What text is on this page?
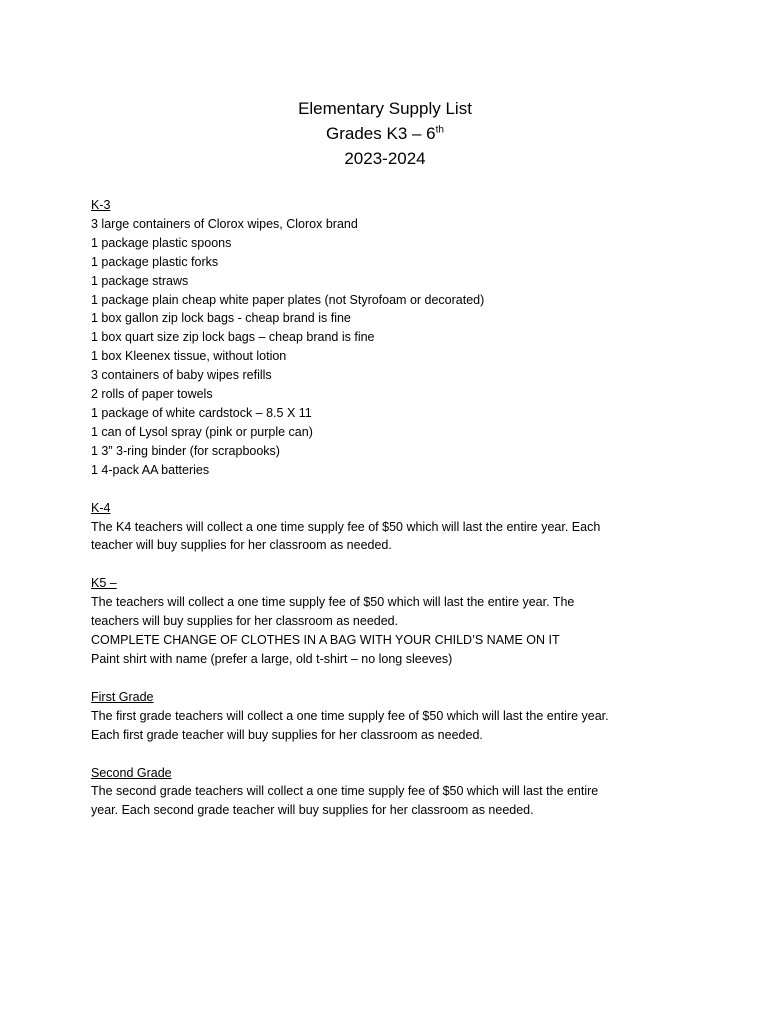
Elementary Supply List
Grades K3 – 6th
2023-2024
K-3
3 large containers of Clorox wipes, Clorox brand
1 package plastic spoons
1 package plastic forks
1 package straws
1 package plain cheap white paper plates (not Styrofoam or decorated)
1 box gallon zip lock bags - cheap brand is fine
1 box quart size zip lock bags – cheap brand is fine
1 box Kleenex tissue, without lotion
3 containers of baby wipes refills
2 rolls of paper towels
1 package of white cardstock – 8.5 X 11
1 can of Lysol spray (pink or purple can)
1 3” 3-ring binder (for scrapbooks)
1 4-pack AA batteries
K-4
The K4 teachers will collect a one time supply fee of $50 which will last the entire year. Each
teacher will buy supplies for her classroom as needed.
K5 –
The teachers will collect a one time supply fee of $50 which will last the entire year. The
teachers will buy supplies for her classroom as needed.
COMPLETE CHANGE OF CLOTHES IN A BAG WITH YOUR CHILD’S NAME ON IT
Paint shirt with name (prefer a large, old t-shirt – no long sleeves)
First Grade
The first grade teachers will collect a one time supply fee of $50 which will last the entire year.
Each first grade teacher will buy supplies for her classroom as needed.
Second Grade
The second grade teachers will collect a one time supply fee of $50 which will last the entire
year. Each second grade teacher will buy supplies for her classroom as needed.
